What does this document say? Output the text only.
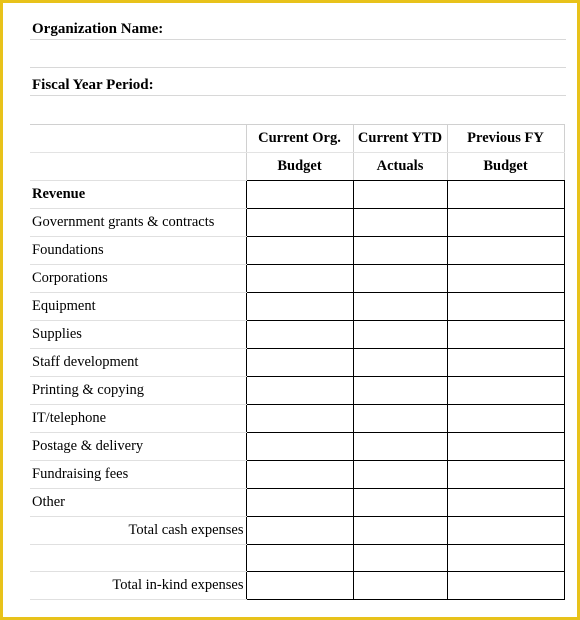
Organization Name:
Fiscal Year Period:
	Current Org.	Current YTD	Previous FY
	Budget	Actuals	Budget
Revenue			
Government grants & contracts			
Foundations			
Corporations			
Equipment			
Supplies			
Staff development			
Printing & copying			
IT/telephone			
Postage & delivery			
Fundraising fees			
Other			
Total cash expenses			

Total in-kind expenses			
